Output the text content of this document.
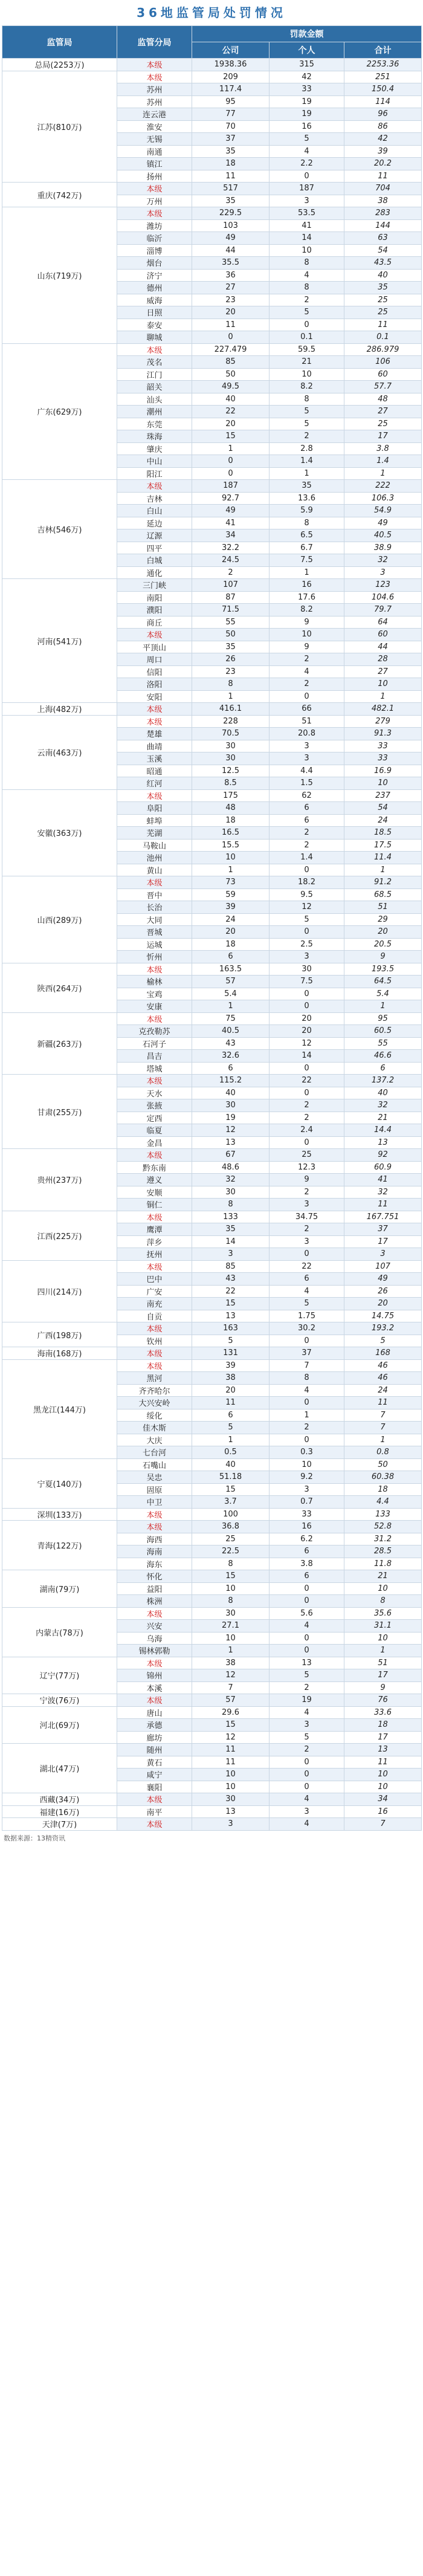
36地监管局处罚情况
监管局	监管分局	罚款金额		
		公司	个人	合计
总局(2253万)	本级	1938.36	315	2253.36
江苏(810万)	本级	209	42	251
	苏州	117.4	33	150.4
	苏州	95	19	114
	连云港	77	19	96
	淮安	70	16	86
	无锡	37	5	42
	南通	35	4	39
	镇江	18	2.2	20.2
	扬州	11	0	11
重庆(742万)	本级	517	187	704
	万州	35	3	38
山东(719万)	本级	229.5	53.5	283
	潍坊	103	41	144
	临沂	49	14	63
	淄博	44	10	54
	烟台	35.5	8	43.5
	济宁	36	4	40
	德州	27	8	35
	威海	23	2	25
	日照	20	5	25
	泰安	11	0	11
	聊城	0	0.1	0.1
广东(629万)	本级	227.479	59.5	286.979
	茂名	85	21	106
	江门	50	10	60
	韶关	49.5	8.2	57.7
	汕头	40	8	48
	潮州	22	5	27
	东莞	20	5	25
	珠海	15	2	17
	肇庆	1	2.8	3.8
	中山	0	1.4	1.4
	阳江	0	1	1
吉林(546万)	本级	187	35	222
	吉林	92.7	13.6	106.3
	白山	49	5.9	54.9
	延边	41	8	49
	辽源	34	6.5	40.5
	四平	32.2	6.7	38.9
	白城	24.5	7.5	32
	通化	2	1	3
河南(541万)	三门峡	107	16	123
	南阳	87	17.6	104.6
	濮阳	71.5	8.2	79.7
	商丘	55	9	64
	本级	50	10	60
	平顶山	35	9	44
	周口	26	2	28
	信阳	23	4	27
	洛阳	8	2	10
	安阳	1	0	1
上海(482万)	本级	416.1	66	482.1
云南(463万)	本级	228	51	279
	楚雄	70.5	20.8	91.3
	曲靖	30	3	33
	玉溪	30	3	33
	昭通	12.5	4.4	16.9
	红河	8.5	1.5	10
安徽(363万)	本级	175	62	237
	阜阳	48	6	54
	蚌埠	18	6	24
	芜湖	16.5	2	18.5
	马鞍山	15.5	2	17.5
	池州	10	1.4	11.4
	黄山	1	0	1
山西(289万)	本级	73	18.2	91.2
	晋中	59	9.5	68.5
	长治	39	12	51
	大同	24	5	29
	晋城	20	0	20
	运城	18	2.5	20.5
	忻州	6	3	9
陕西(264万)	本级	163.5	30	193.5
	榆林	57	7.5	64.5
	宝鸡	5.4	0	5.4
	安康	1	0	1
新疆(263万)	本级	75	20	95
	克孜勒苏	40.5	20	60.5
	石河子	43	12	55
	昌吉	32.6	14	46.6
	塔城	6	0	6
甘肃(255万)	本级	115.2	22	137.2
	天水	40	0	40
	张掖	30	2	32
	定西	19	2	21
	临夏	12	2.4	14.4
	金昌	13	0	13
贵州(237万)	本级	67	25	92
	黔东南	48.6	12.3	60.9
	遵义	32	9	41
	安顺	30	2	32
	铜仁	8	3	11
江西(225万)	本级	133	34.75	167.751
	鹰潭	35	2	37
	萍乡	14	3	17
	抚州	3	0	3
四川(214万)	本级	85	22	107
	巴中	43	6	49
	广安	22	4	26
	南充	15	5	20
	自贡	13	1.75	14.75
广西(198万)	本级	163	30.2	193.2
	钦州	5	0	5
海南(168万)	本级	131	37	168
黑龙江(144万)	本级	39	7	46
	黑河	38	8	46
	齐齐哈尔	20	4	24
	大兴安岭	11	0	11
	绥化	6	1	7
	佳木斯	5	2	7
	大庆	1	0	1
	七台河	0.5	0.3	0.8
宁夏(140万)	石嘴山	40	10	50
	吴忠	51.18	9.2	60.38
	固原	15	3	18
	中卫	3.7	0.7	4.4
深圳(133万)	本级	100	33	133
青海(122万)	本级	36.8	16	52.8
	海西	25	6.2	31.2
	海南	22.5	6	28.5
	海东	8	3.8	11.8
湖南(79万)	怀化	15	6	21
	益阳	10	0	10
	株洲	8	0	8
内蒙古(78万)	本级	30	5.6	35.6
	兴安	27.1	4	31.1
	乌海	10	0	10
	锡林郭勒	1	0	1
辽宁(77万)	本级	38	13	51
	锦州	12	5	17
	本溪	7	2	9
宁波(76万)	本级	57	19	76
河北(69万)	唐山	29.6	4	33.6
	承德	15	3	18
	廊坊	12	5	17
湖北(47万)	随州	11	2	13
	黄石	11	0	11
	咸宁	10	0	10
	襄阳	10	0	10
西藏(34万)	本级	30	4	34
福建(16万)	南平	13	3	16
天津(7万)	本级	3	4	7
数据来源：13精资讯
